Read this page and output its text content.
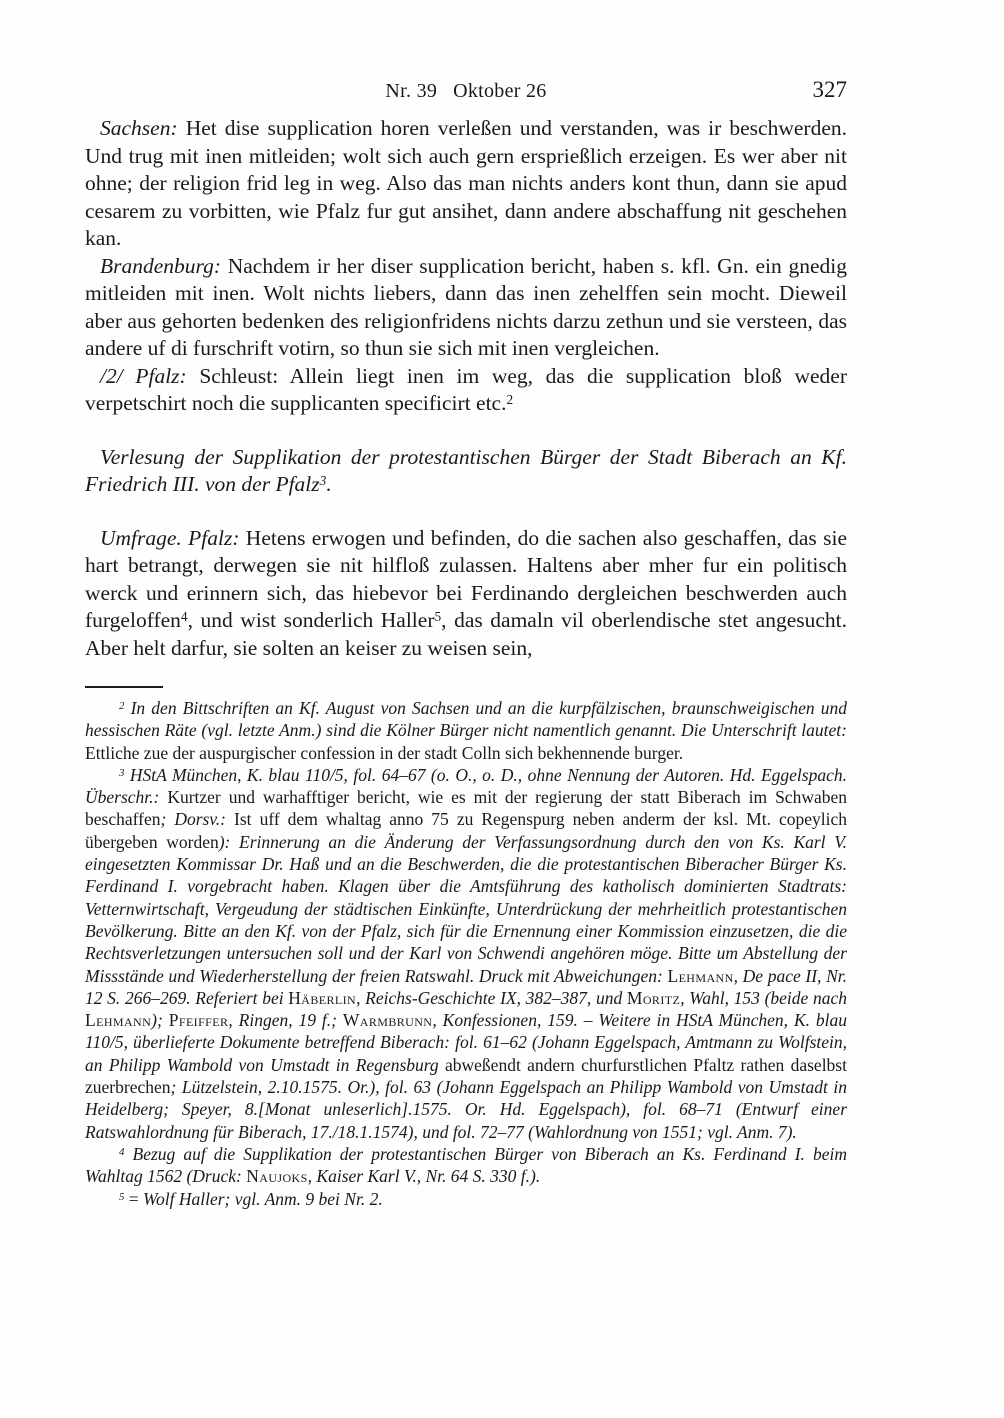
Nr. 39   Oktober 26	327

Sachsen: Het dise supplication horen verleßen und verstanden, was ir beschwerden. Und trug mit inen mitleiden; wolt sich auch gern ersprießlich erzeigen. Es wer aber nit ohne; der religion frid leg in weg. Also das man nichts anders kont thun, dann sie apud cesarem zu vorbitten, wie Pfalz fur gut ansihet, dann andere abschaffung nit geschehen kan.

Brandenburg: Nachdem ir her diser supplication bericht, haben s. kfl. Gn. ein gnedig mitleiden mit inen. Wolt nichts liebers, dann das inen zehelffen sein mocht. Dieweil aber aus gehorten bedenken des religionfridens nichts darzu zethun und sie versteen, das andere uf di furschrift votirn, so thun sie sich mit inen vergleichen.

/2/ Pfalz: Schleust: Allein liegt inen im weg, das die supplication bloß weder verpetschirt noch die supplicanten specificirt etc.$^2$

Verlesung der Supplikation der protestantischen Bürger der Stadt Biberach an Kf. Friedrich III. von der Pfalz$^3$.

Umfrage. Pfalz: Hetens erwogen und befinden, do die sachen also geschaffen, das sie hart betrangt, derwegen sie nit hilfloß zulassen. Haltens aber mher fur ein politisch werck und erinnern sich, das hiebevor bei Ferdinando dergleichen beschwerden auch furgeloffen$^4$, und wist sonderlich Haller$^5$, das damaln vil oberlendische stet angesucht. Aber helt darfur, sie solten an keiser zu weisen sein,

$^2$ In den Bittschriften an Kf. August von Sachsen und an die kurpfälzischen, braunschweigischen und hessischen Räte (vgl. letzte Anm.) sind die Kölner Bürger nicht namentlich genannt. Die Unterschrift lautet: Ettliche zue der auspurgischer confession in der stadt Colln sich bekhennende burger.

$^3$ HStA München, K. blau 110/5, fol. 64–67 (o. O., o. D., ohne Nennung der Autoren. Hd. Eggelspach. Überschr.: Kurtzer und warhafftiger bericht, wie es mit der regierung der statt Biberach im Schwaben beschaffen; Dorsv.: Ist uff dem whaltag anno 75 zu Regenspurg neben anderm der ksl. Mt. copeylich übergeben worden): Erinnerung an die Änderung der Verfassungsordnung durch den von Ks. Karl V. eingesetzten Kommissar Dr. Haß und an die Beschwerden, die die protestantischen Biberacher Bürger Ks. Ferdinand I. vorgebracht haben. Klagen über die Amtsführung des katholisch dominierten Stadtrats: Vetternwirtschaft, Vergeudung der städtischen Einkünfte, Unterdrückung der mehrheitlich protestantischen Bevölkerung. Bitte an den Kf. von der Pfalz, sich für die Ernennung einer Kommission einzusetzen, die die Rechtsverletzungen untersuchen soll und der Karl von Schwendi angehören möge. Bitte um Abstellung der Missstände und Wiederherstellung der freien Ratswahl. Druck mit Abweichungen: Lehmann, De pace II, Nr. 12 S. 266–269. Referiert bei Häberlin, Reichs-Geschichte IX, 382–387, und Moritz, Wahl, 153 (beide nach Lehmann); Pfeiffer, Ringen, 19 f.; Warmbrunn, Konfessionen, 159. – Weitere in HStA München, K. blau 110/5, überlieferte Dokumente betreffend Biberach: fol. 61–62 (Johann Eggelspach, Amtmann zu Wolfstein, an Philipp Wambold von Umstadt in Regensburg abweßendt andern churfurstlichen Pfaltz rathen daselbst zuerbrechen; Lützelstein, 2.10.1575. Or.), fol. 63 (Johann Eggelspach an Philipp Wambold von Umstadt in Heidelberg; Speyer, 8.[Monat unleserlich].1575. Or. Hd. Eggelspach), fol. 68–71 (Entwurf einer Ratswahlordnung für Biberach, 17./18.1.1574), und fol. 72–77 (Wahlordnung von 1551; vgl. Anm. 7).

$^4$ Bezug auf die Supplikation der protestantischen Bürger von Biberach an Ks. Ferdinand I. beim Wahltag 1562 (Druck: Naujoks, Kaiser Karl V., Nr. 64 S. 330 f.).

$^5$ = Wolf Haller; vgl. Anm. 9 bei Nr. 2.
